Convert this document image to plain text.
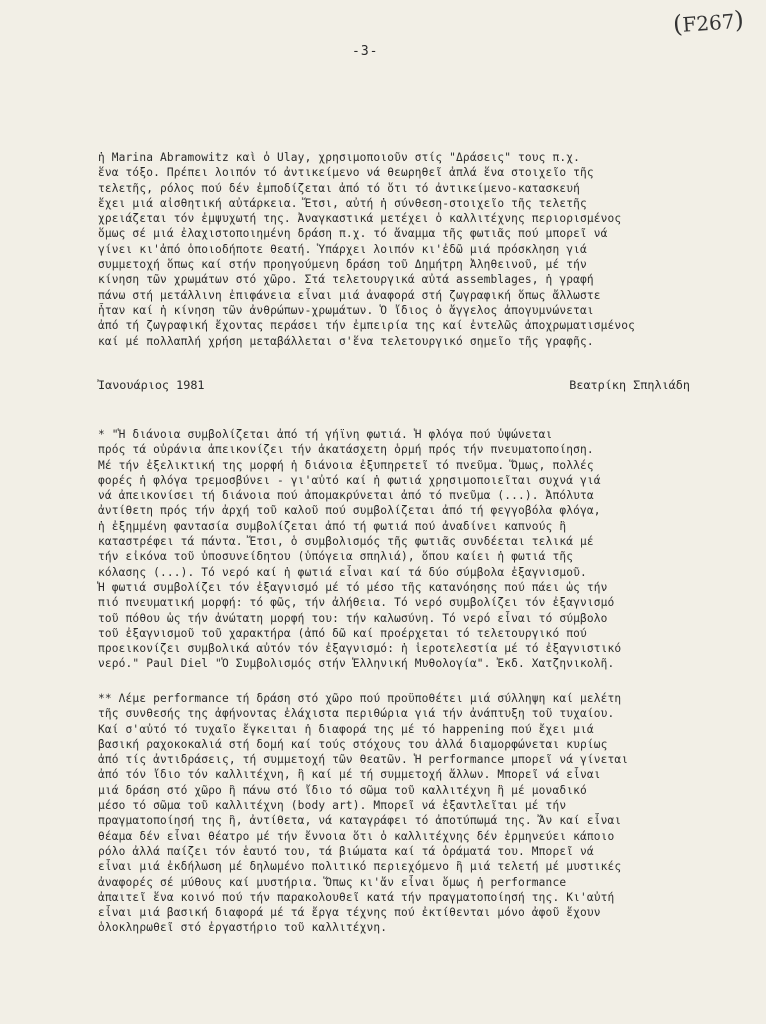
(F267)
-3-
ἡ Marina Abramowitz καὶ ὁ Ulay, χρησιμοποιοῦν στίς "Δράσεις" τους π.χ.
ἕνα τόξο. Πρέπει λοιπόν τό ἀντικείμενο νά θεωρηθεῖ ἁπλά ἕνα στοιχεῖο τῆς
τελετῆς, ρόλος πού δέν ἐμποδίζεται ἀπό τό ὅτι τό ἀντικείμενο-κατασκευή
ἔχει μιά αἰσθητική αὐτάρκεια. Ἔτσι, αὐτή ἡ σύνθεση-στοιχεῖο τῆς τελετῆς
χρειάζεται τόν ἐμψυχωτή της. Ἀναγκαστικά μετέχει ὁ καλλιτέχνης περιορισμένος
ὅμως σέ μιά ἐλαχιστοποιημένη δράση π.χ. τό ἄναμμα τῆς φωτιᾶς πού μπορεῖ νά
γίνει κι'ἀπό ὁποιοδήποτε θεατή. Ὑπάρχει λοιπόν κι'ἐδῶ μιά πρόσκληση γιά
συμμετοχή ὅπως καί στήν προηγούμενη δράση τοῦ Δημήτρη Ἀληθεινοῦ, μέ τήν
κίνηση τῶν χρωμάτων στό χῶρο. Στά τελετουργικά αὐτά assemblages, ἡ γραφή
πάνω στή μετάλλινη ἐπιφάνεια εἶναι μιά ἀναφορά στή ζωγραφική ὅπως ἄλλωστε
ἦταν καί ἡ κίνηση τῶν ἀνθρώπων-χρωμάτων. Ὁ ἴδιος ὁ ἄγγελος ἀπογυμνώνεται
ἀπό τή ζωγραφική ἔχοντας περάσει τήν ἐμπειρία της καί ἐντελῶς ἀποχρωματισμένος
καί μέ πολλαπλή χρήση μεταβάλλεται σ'ἕνα τελετουργικό σημεῖο τῆς γραφῆς.
Ἰανουάριος 1981	Βεατρίκη Σπηλιάδη
* "Ἡ διάνοια συμβολίζεται ἀπό τή γήϊνη φωτιά. Ἡ φλόγα πού ὑψώνεται
πρός τά οὐράνια ἀπεικονίζει τήν ἀκατάσχετη ὁρμή πρός τήν πνευματοποίηση.
Μέ τήν ἐξελικτική της μορφή ἡ διάνοια ἐξυπηρετεῖ τό πνεῦμα. Ὅμως, πολλές
φορές ἡ φλόγα τρεμοσβύνει - γι'αὐτό καί ἡ φωτιά χρησιμοποιεῖται συχνά γιά
νά ἀπεικονίσει τή διάνοια πού ἀπομακρύνεται ἀπό τό πνεῦμα (...). Ἀπόλυτα
ἀντίθετη πρός τήν ἀρχή τοῦ καλοῦ πού συμβολίζεται ἀπό τή φεγγοβόλα φλόγα,
ἡ ἐξημμένη φαντασία συμβολίζεται ἀπό τή φωτιά πού ἀναδίνει καπνούς ἢ
καταστρέφει τά πάντα. Ἔτσι, ὁ συμβολισμός τῆς φωτιᾶς συνδέεται τελικά μέ
τήν εἰκόνα τοῦ ὑποσυνείδητου (ὑπόγεια σπηλιά), ὅπου καίει ἡ φωτιά τῆς
κόλασης (...). Τό νερό καί ἡ φωτιά εἶναι καί τά δύο σύμβολα ἐξαγνισμοῦ.
Ἡ φωτιά συμβολίζει τόν ἐξαγνισμό μέ τό μέσο τῆς κατανόησης πού πάει ὡς τήν
πιό πνευματική μορφή: τό φῶς, τήν ἀλήθεια. Τό νερό συμβολίζει τόν ἐξαγνισμό
τοῦ πόθου ὡς τήν ἀνώτατη μορφή του: τήν καλωσύνη. Τό νερό εἶναι τό σύμβολο
τοῦ ἐξαγνισμοῦ τοῦ χαρακτήρα (ἀπό δῶ καί προέρχεται τό τελετουργικό πού
προεικονίζει συμβολικά αὐτόν τόν ἐξαγνισμό: ἡ ἱεροτελεστία μέ τό ἐξαγνιστικό
νερό." Paul Diel "Ὁ Συμβολισμός στήν Ἑλληνική Μυθολογία". Ἐκδ. Χατζηνικολῆ.
** Λέμε performance τή δράση στό χῶρο πού προϋποθέτει μιά σύλληψη καί μελέτη
τῆς συνθεσής της ἀφήνοντας ἐλάχιστα περιθώρια γιά τήν ἀνάπτυξη τοῦ τυχαίου.
Καί σ'αὐτό τό τυχαῖο ἔγκειται ἡ διαφορά της μέ τό happening πού ἔχει μιά
βασική ραχοκοκαλιά στή δομή καί τούς στόχους του ἀλλά διαμορφώνεται κυρίως
ἀπό τίς ἀντιδράσεις, τή συμμετοχή τῶν θεατῶν. Ἡ performance μπορεῖ νά γίνεται
ἀπό τόν ἴδιο τόν καλλιτέχνη, ἢ καί μέ τή συμμετοχή ἄλλων. Μπορεῖ νά εἶναι
μιά δράση στό χῶρο ἢ πάνω στό ἴδιο τό σῶμα τοῦ καλλιτέχνη ἢ μέ μοναδικό
μέσο τό σῶμα τοῦ καλλιτέχνη (body art). Μπορεῖ νά ἐξαντλεῖται μέ τήν
πραγματοποίησή της ἢ, ἀντίθετα, νά καταγράφει τό ἀποτύπωμά της. Ἄν καί εἶναι
θέαμα δέν εἶναι θέατρο μέ τήν ἔννοια ὅτι ὁ καλλιτέχνης δέν ἑρμηνεύει κάποιο
ρόλο ἀλλά παίζει τόν ἑαυτό του, τά βιώματα καί τά ὁράματά του. Μπορεῖ νά
εἶναι μιά ἐκδήλωση μέ δηλωμένο πολιτικό περιεχόμενο ἢ μιά τελετή μέ μυστικές
ἀναφορές σέ μύθους καί μυστήρια. Ὅπως κι'ἄν εἶναι ὅμως ἡ performance
ἀπαιτεῖ ἕνα κοινό πού τήν παρακολουθεῖ κατά τήν πραγματοποίησή της. Κι'αὐτή
εἶναι μιά βασική διαφορά μέ τά ἔργα τέχνης πού ἐκτίθενται μόνο ἀφοῦ ἔχουν
ὁλοκληρωθεῖ στό ἐργαστήριο τοῦ καλλιτέχνη.
